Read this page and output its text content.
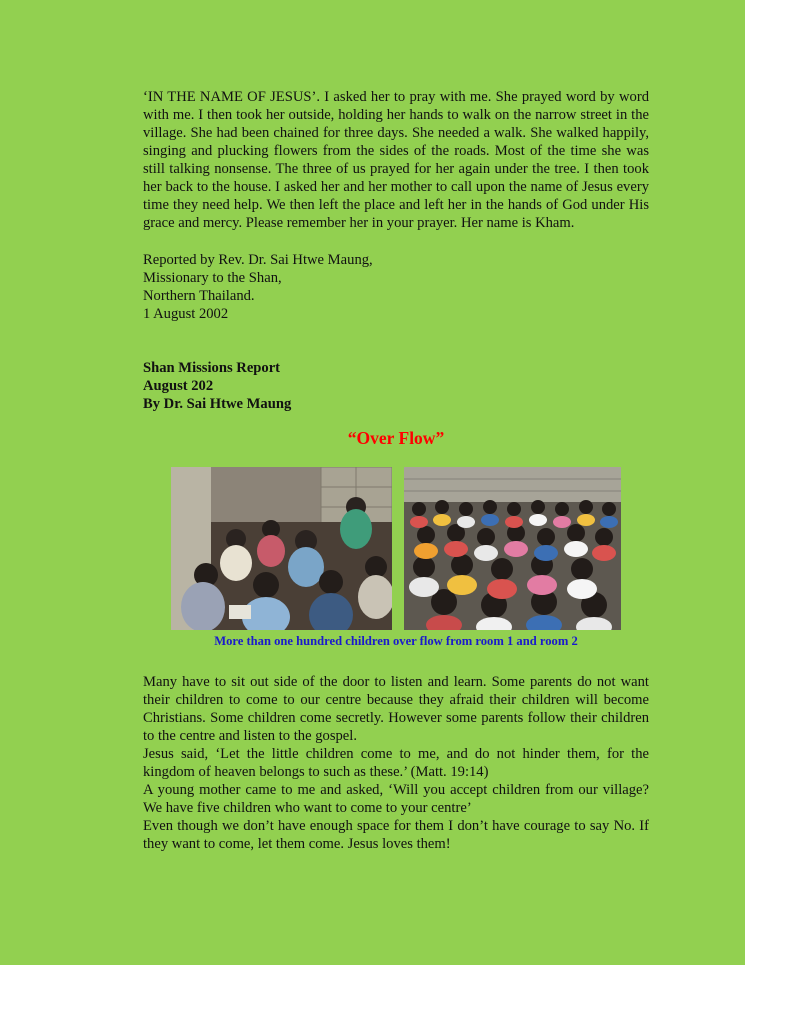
‘IN THE NAME OF JESUS’. I asked her to pray with me. She prayed word by word with me. I then took her outside, holding her hands to walk on the narrow street in the village. She had been chained for three days. She needed a walk. She walked happily, singing and plucking flowers from the sides of the roads. Most of the time she was still talking nonsense. The three of us prayed for her again under the tree. I then took her back to the house. I asked her and her mother to call upon the name of Jesus every time they need help. We then left the place and left her in the hands of God under His grace and mercy. Please remember her in your prayer. Her name is Kham.

Reported by Rev. Dr. Sai Htwe Maung,
Missionary to the Shan,
Northern Thailand.
1 August 2002
Shan Missions Report
August 202
By Dr. Sai Htwe Maung
“Over Flow”
More than one hundred children over flow from room 1 and room 2

Many have to sit out side of the door to listen and learn. Some parents do not want their children to come to our centre because they afraid their children will become Christians. Some children come secretly. However some parents follow their children to the centre and listen to the gospel.

Jesus said, ‘Let the little children come to me, and do not hinder them, for the kingdom of heaven belongs to such as these.’ (Matt. 19:14)

A young mother came to me and asked, ‘Will you accept children from our village? We have five children who want to come to your centre’

Even though we don’t have enough space for them I don’t have courage to say No. If they want to come, let them come. Jesus loves them!
